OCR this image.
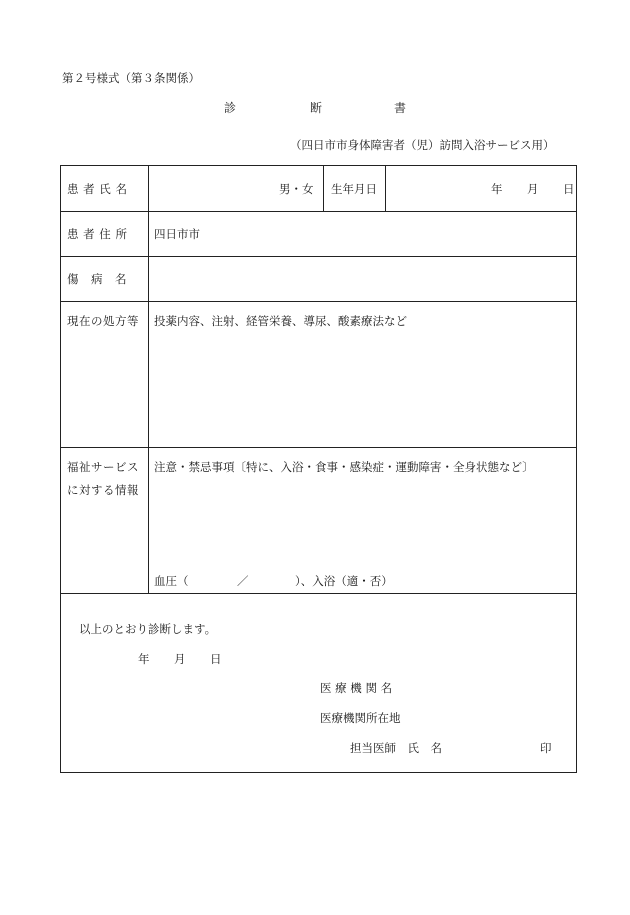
第２号様式（第３条関係）
診	断	書
（四日市市身体障害者（児）訪問入浴サービス用）
患 者 氏 名	男・女 生年月日	年 月 日
患 者 住 所 四日市市
傷　病　名
現在の処方等 投薬内容、注射、経管栄養、導尿、酸素療法など
福祉サービス
に対する情報
注意・禁忌事項〔特に、入浴・食事・感染症・運動障害・全身状態など〕
血圧（	／	）、入浴（適・否）
以上のとおり診断します。
年 月 日
医 療 機 関 名
医療機関所在地
担当医師　氏　名	印
